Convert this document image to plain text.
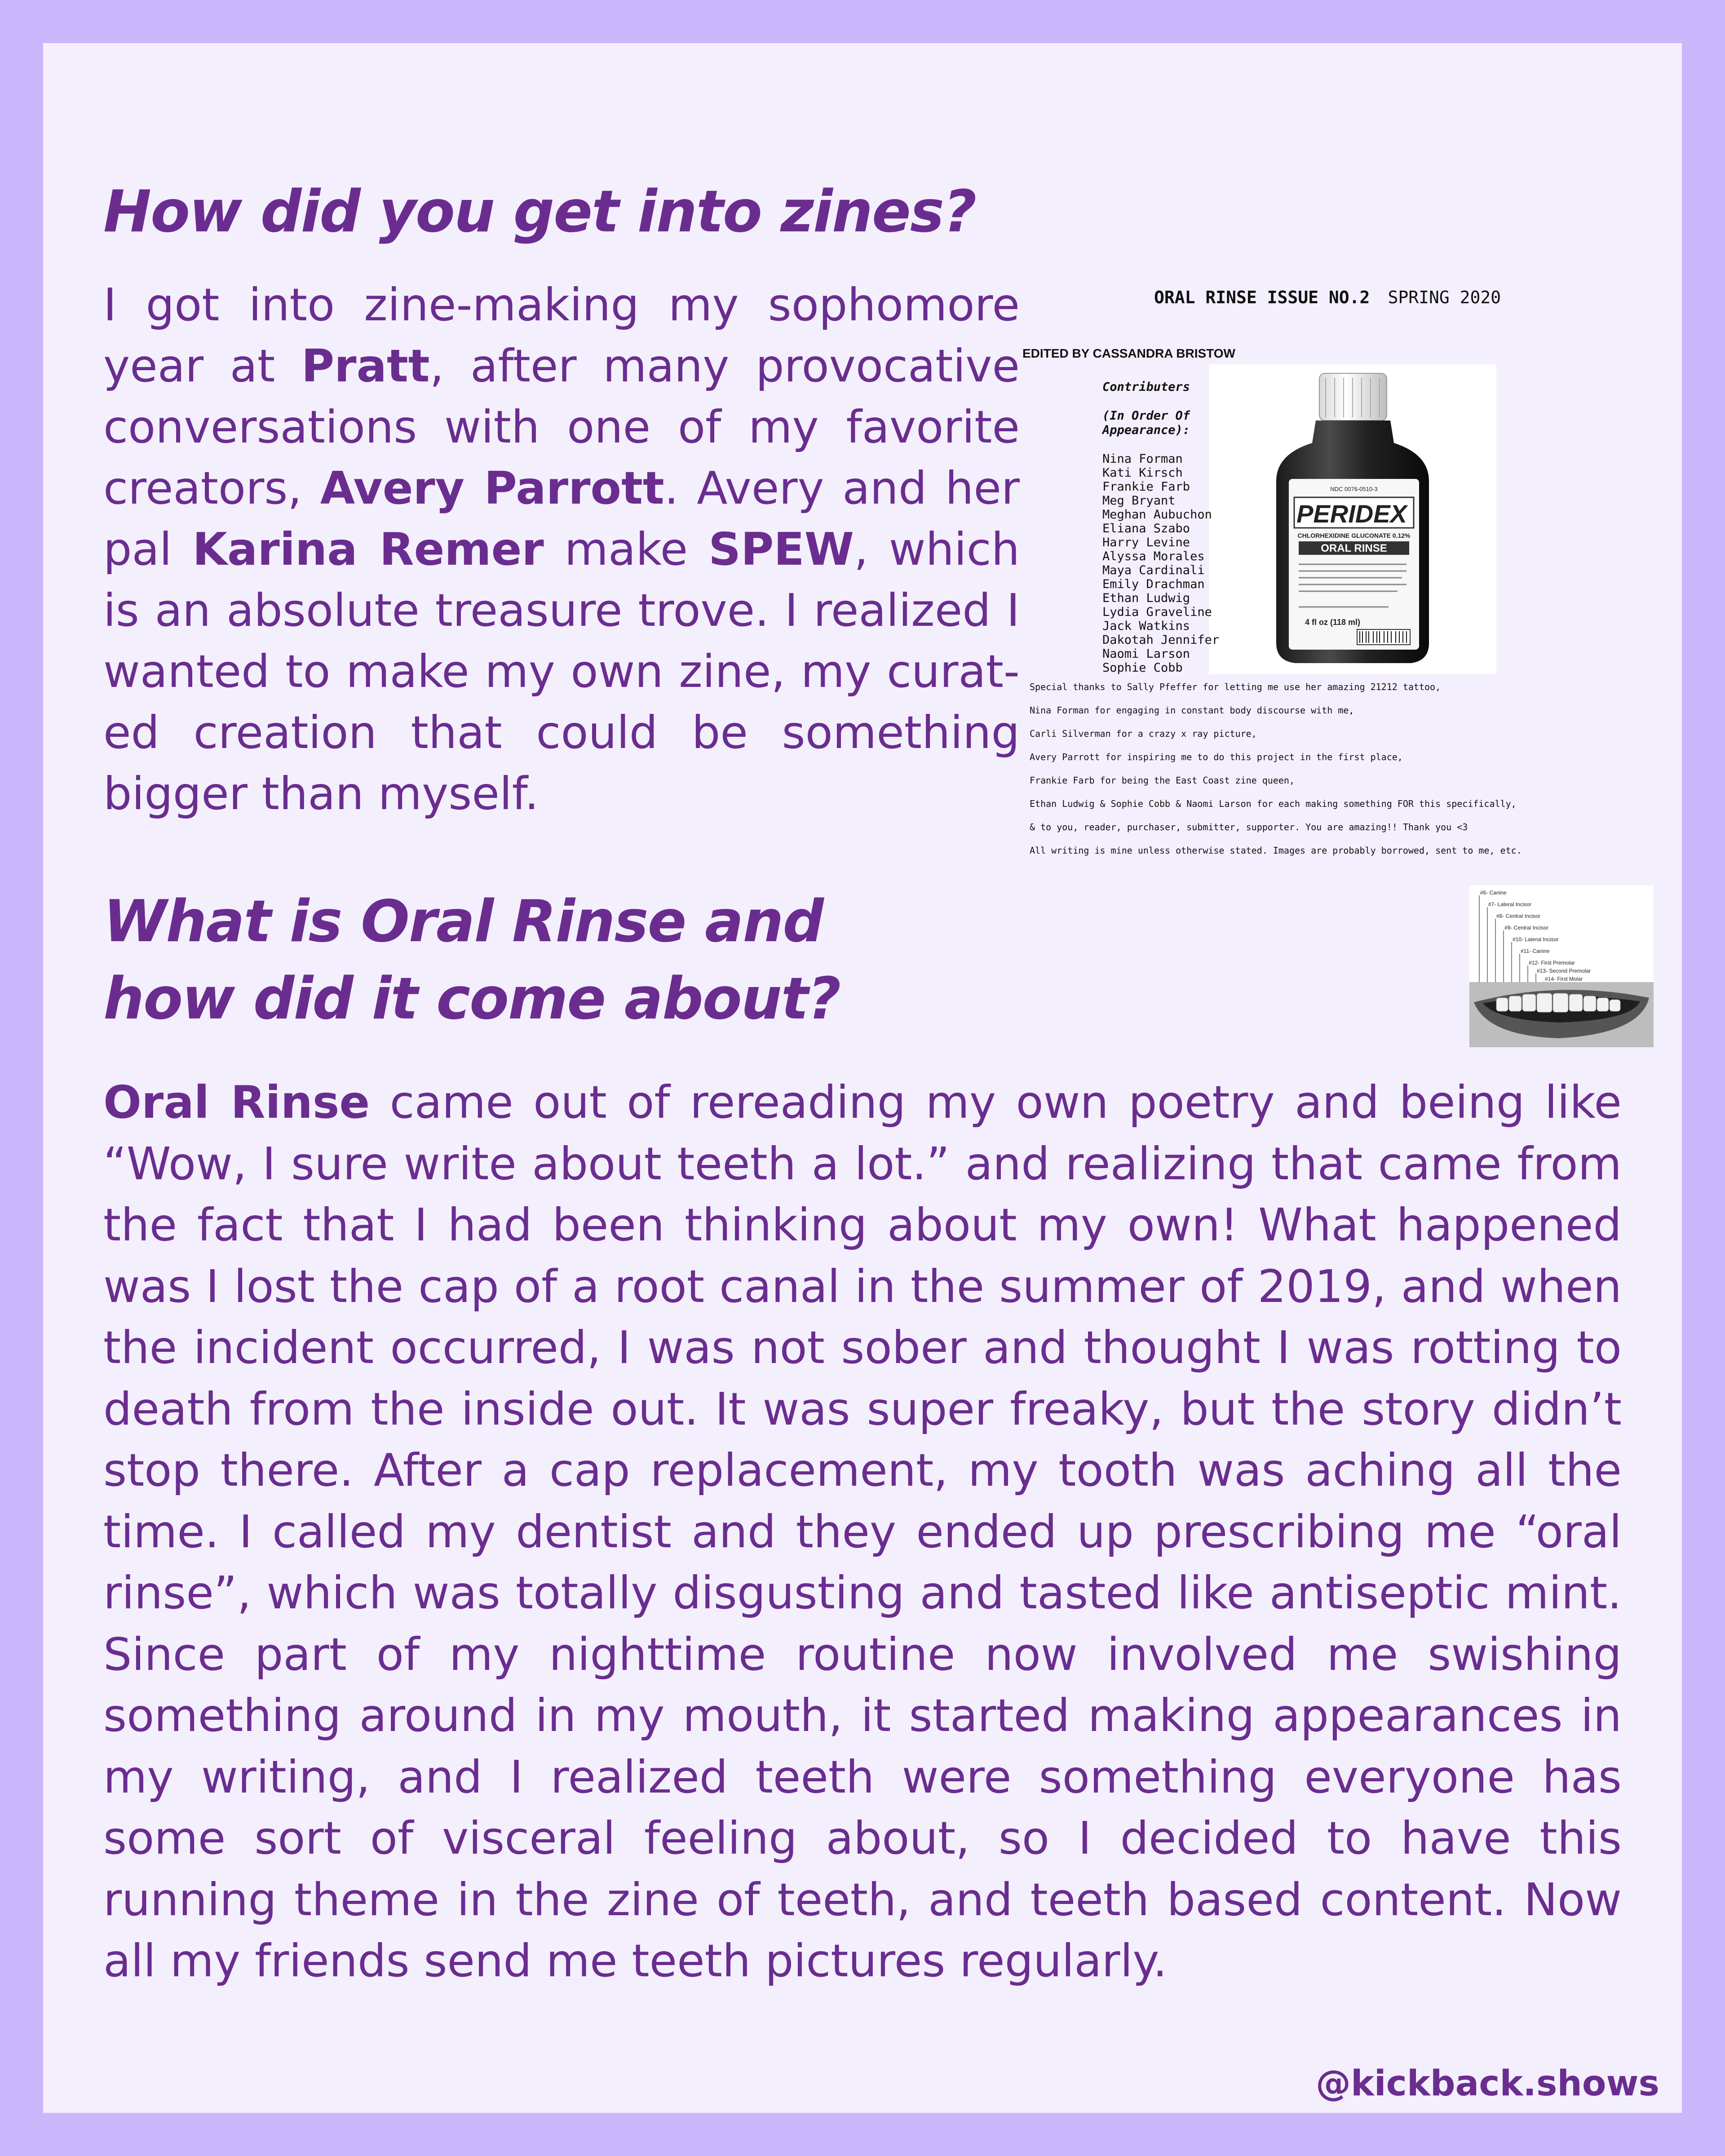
How did you get into zines?

I got into zine-making my sophomore year at Pratt, after many provocative conversations with one of my favorite creators, Avery Parrott. Avery and her pal Karina Remer make SPEW, which is an absolute treasure trove. I realized I wanted to make my own zine, my curated creation that could be something bigger than myself.

What is Oral Rinse and
how did it come about?

Oral Rinse came out of rereading my own poetry and being like “Wow, I sure write about teeth a lot.” and realizing that came from the fact that I had been thinking about my own! What happened was I lost the cap of a root canal in the summer of 2019, and when the incident occurred, I was not sober and thought I was rotting to death from the inside out. It was super freaky, but the story didn’t stop there. After a cap replacement, my tooth was aching all the time. I called my dentist and they ended up prescribing me “oral rinse”, which was totally disgusting and tasted like antiseptic mint. Since part of my nighttime routine now involved me swishing something around in my mouth, it started making appearances in my writing, and I realized teeth were something everyone has some sort of visceral feeling about, so I decided to have this running theme in the zine of teeth, and teeth based content. Now all my friends send me teeth pictures regularly.

ORAL RINSE ISSUE NO.2 SPRING 2020

EDITED BY CASSANDRA BRISTOW

NDC 0076-0510-3
PERIDEX
CHLORHEXIDINE GLUCONATE 0.12%
ORAL RINSE
4 fl oz (118 ml)

Contributers

(In Order Of
Appearance):

Nina Forman
Kati Kirsch
Frankie Farb
Meg Bryant
Meghan Aubuchon
Eliana Szabo
Harry Levine
Alyssa Morales
Maya Cardinali
Emily Drachman
Ethan Ludwig
Lydia Graveline
Jack Watkins
Dakotah Jennifer
Naomi Larson
Sophie Cobb
Special thanks to Sally Pfeffer for letting me use her amazing 21212 tattoo,
Nina Forman for engaging in constant body discourse with me,
Carli Silverman for a crazy x ray picture,
Avery Parrott for inspiring me to do this project in the first place,
Frankie Farb for being the East Coast zine queen,
Ethan Ludwig & Sophie Cobb & Naomi Larson for each making something FOR this specifically,
& to you, reader, purchaser, submitter, supporter. You are amazing!! Thank you <3
All writing is mine unless otherwise stated. Images are probably borrowed, sent to me, etc.
#6- Canine
#7- Lateral Incisor
#8- Central Incisor
#9- Central Incisor
#10- Lateral Incisor
#11- Canine
#12- First Premolar
#13- Second Premolar
#14- First Molar

@kickback.shows
